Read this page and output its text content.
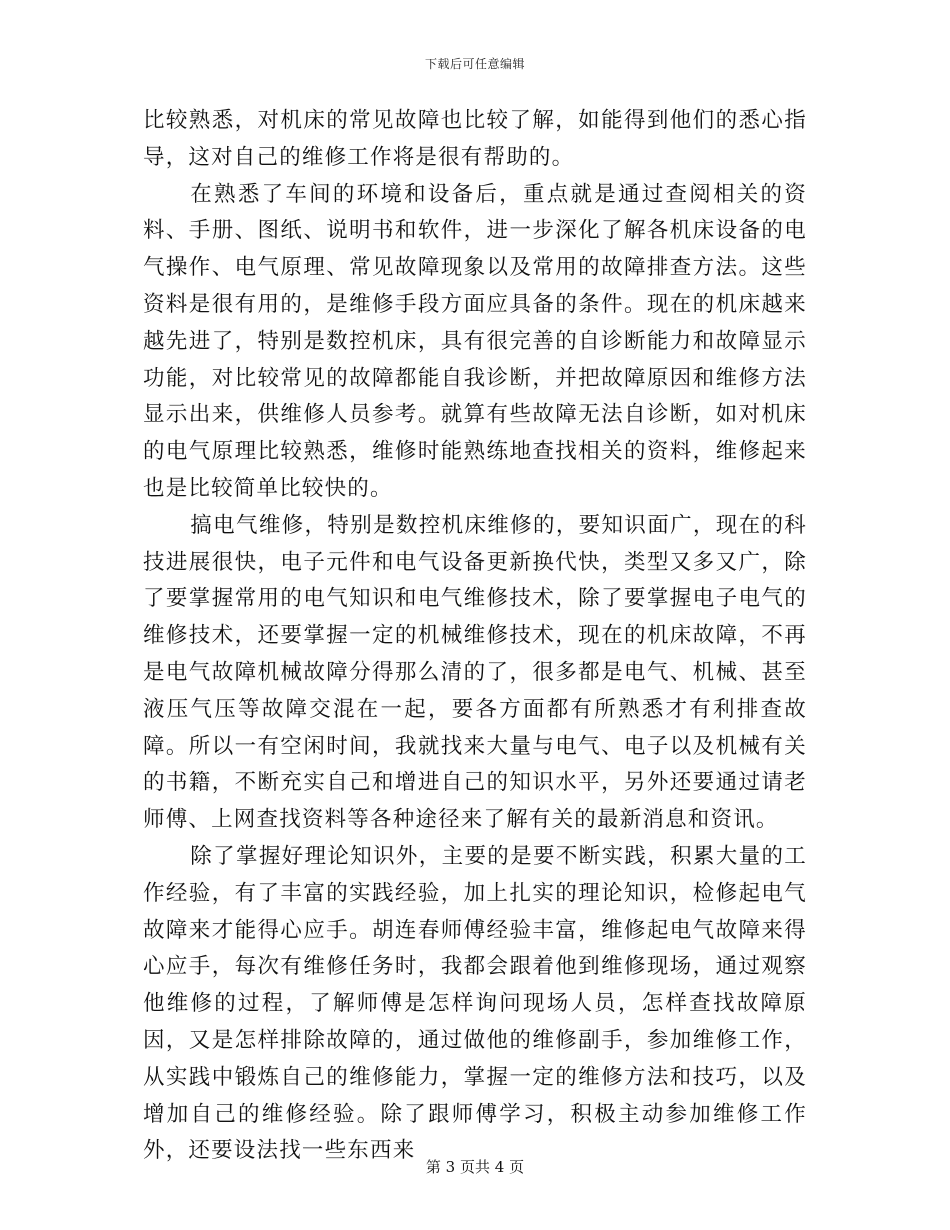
下载后可任意编辑

比较熟悉，对机床的常见故障也比较了解，如能得到他们的悉心指导，这对自己的维修工作将是很有帮助的。

在熟悉了车间的环境和设备后，重点就是通过查阅相关的资料、手册、图纸、说明书和软件，进一步深化了解各机床设备的电气操作、电气原理、常见故障现象以及常用的故障排查方法。这些资料是很有用的，是维修手段方面应具备的条件。现在的机床越来越先进了，特别是数控机床，具有很完善的自诊断能力和故障显示功能，对比较常见的故障都能自我诊断，并把故障原因和维修方法显示出来，供维修人员参考。就算有些故障无法自诊断，如对机床的电气原理比较熟悉，维修时能熟练地查找相关的资料，维修起来也是比较简单比较快的。

搞电气维修，特别是数控机床维修的，要知识面广，现在的科技进展很快，电子元件和电气设备更新换代快，类型又多又广，除了要掌握常用的电气知识和电气维修技术，除了要掌握电子电气的维修技术，还要掌握一定的机械维修技术，现在的机床故障，不再是电气故障机械故障分得那么清的了，很多都是电气、机械、甚至液压气压等故障交混在一起，要各方面都有所熟悉才有利排查故障。所以一有空闲时间，我就找来大量与电气、电子以及机械有关的书籍，不断充实自己和增进自己的知识水平，另外还要通过请老师傅、上网查找资料等各种途径来了解有关的最新消息和资讯。

除了掌握好理论知识外，主要的是要不断实践，积累大量的工作经验，有了丰富的实践经验，加上扎实的理论知识，检修起电气故障来才能得心应手。胡连春师傅经验丰富，维修起电气故障来得心应手，每次有维修任务时，我都会跟着他到维修现场，通过观察他维修的过程，了解师傅是怎样询问现场人员，怎样查找故障原因，又是怎样排除故障的，通过做他的维修副手，参加维修工作，从实践中锻炼自己的维修能力，掌握一定的维修方法和技巧，以及增加自己的维修经验。除了跟师傅学习，积极主动参加维修工作外，还要设法找一些东西来

第 3 页共 4 页
